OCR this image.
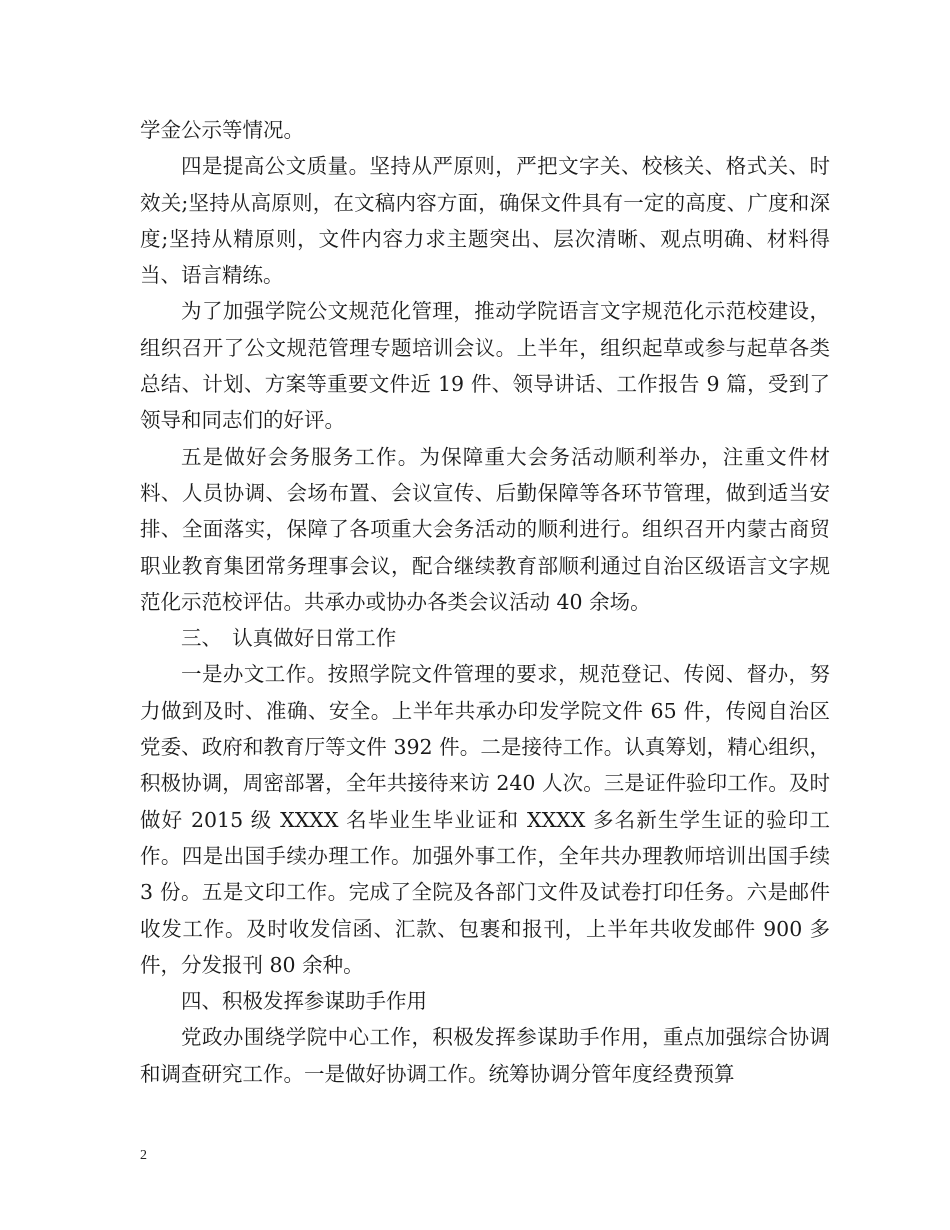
学金公示等情况。

四是提高公文质量。坚持从严原则，严把文字关、校核关、格式关、时效关;坚持从高原则，在文稿内容方面，确保文件具有一定的高度、广度和深度;坚持从精原则，文件内容力求主题突出、层次清晰、观点明确、材料得当、语言精练。

为了加强学院公文规范化管理，推动学院语言文字规范化示范校建设，组织召开了公文规范管理专题培训会议。上半年，组织起草或参与起草各类总结、计划、方案等重要文件近 19 件、领导讲话、工作报告 9 篇，受到了领导和同志们的好评。

五是做好会务服务工作。为保障重大会务活动顺利举办，注重文件材料、人员协调、会场布置、会议宣传、后勤保障等各环节管理，做到适当安排、全面落实，保障了各项重大会务活动的顺利进行。组织召开内蒙古商贸职业教育集团常务理事会议，配合继续教育部顺利通过自治区级语言文字规范化示范校评估。共承办或协办各类会议活动 40 余场。

三、　认真做好日常工作

一是办文工作。按照学院文件管理的要求，规范登记、传阅、督办，努力做到及时、准确、安全。上半年共承办印发学院文件 65 件，传阅自治区党委、政府和教育厅等文件 392 件。二是接待工作。认真筹划，精心组织，积极协调，周密部署，全年共接待来访 240 人次。三是证件验印工作。及时做好 2015 级 XXXX 名毕业生毕业证和 XXXX 多名新生学生证的验印工作。四是出国手续办理工作。加强外事工作，全年共办理教师培训出国手续 3 份。五是文印工作。完成了全院及各部门文件及试卷打印任务。六是邮件收发工作。及时收发信函、汇款、包裹和报刊，上半年共收发邮件 900 多件，分发报刊 80 余种。

四、积极发挥参谋助手作用

党政办围绕学院中心工作，积极发挥参谋助手作用，重点加强综合协调和调查研究工作。一是做好协调工作。统筹协调分管年度经费预算

2
